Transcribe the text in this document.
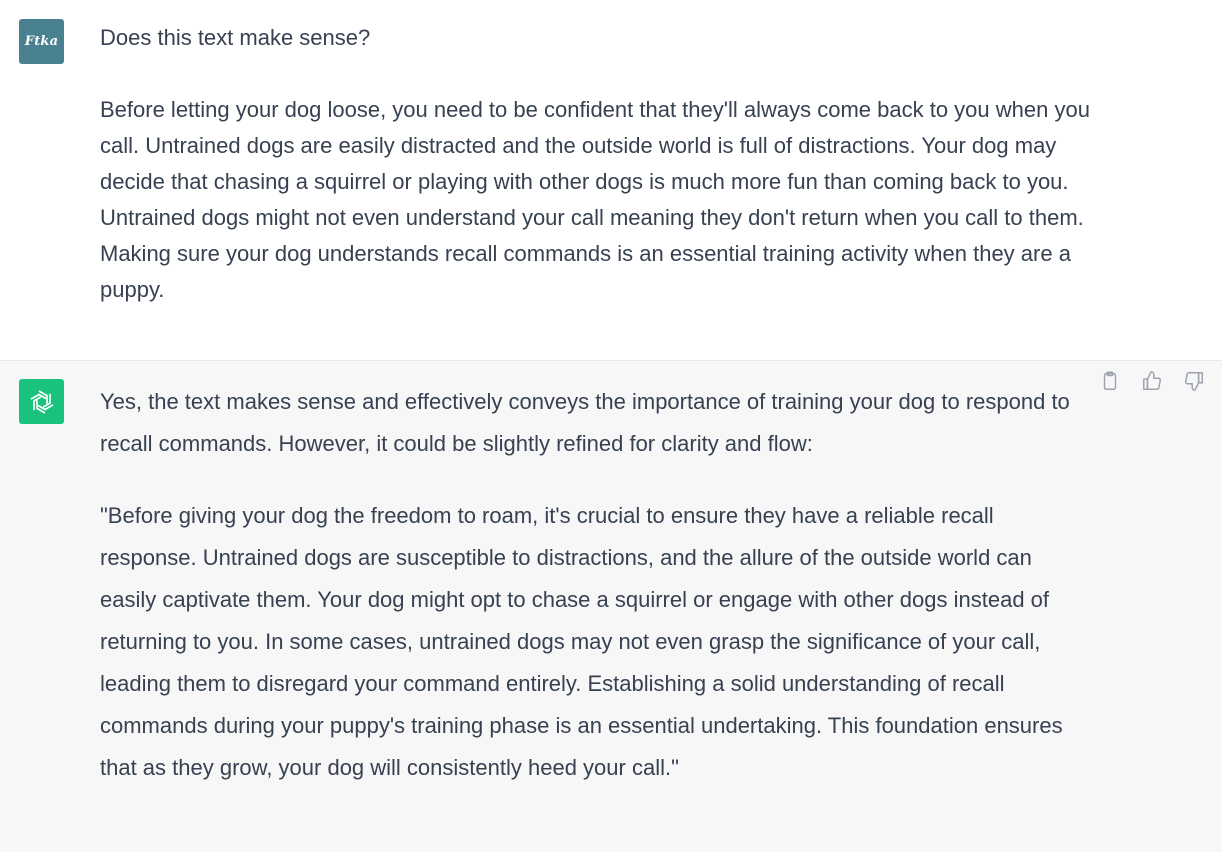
Ftka Does this text make sense?

Before letting your dog loose, you need to be confident that they'll always come back to you when you call. Untrained dogs are easily distracted and the outside world is full of distractions. Your dog may decide that chasing a squirrel or playing with other dogs is much more fun than coming back to you. Untrained dogs might not even understand your call meaning they don't return when you call to them. Making sure your dog understands recall commands is an essential training activity when they are a puppy.

Yes, the text makes sense and effectively conveys the importance of training your dog to respond to recall commands. However, it could be slightly refined for clarity and flow:

"Before giving your dog the freedom to roam, it's crucial to ensure they have a reliable recall response. Untrained dogs are susceptible to distractions, and the allure of the outside world can easily captivate them. Your dog might opt to chase a squirrel or engage with other dogs instead of returning to you. In some cases, untrained dogs may not even grasp the significance of your call, leading them to disregard your command entirely. Establishing a solid understanding of recall commands during your puppy's training phase is an essential undertaking. This foundation ensures that as they grow, your dog will consistently heed your call."
